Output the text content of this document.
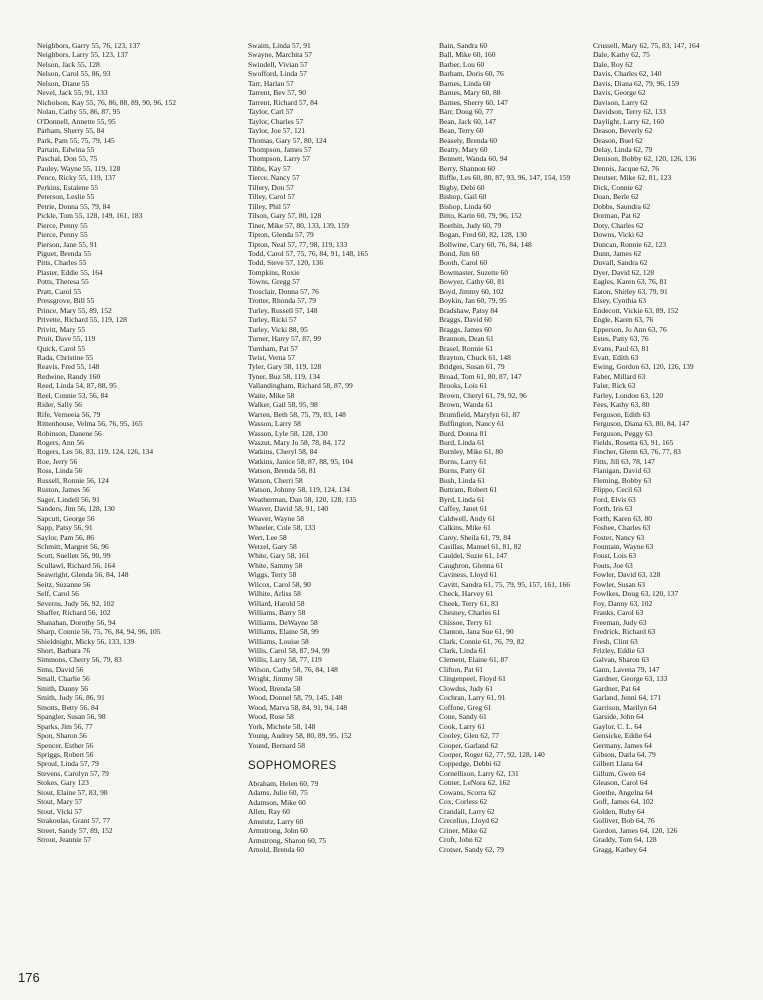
Neighbors, Garry 55, 76, 123, 137
Neighbors, Larry 55, 123, 137
Nelson, Jack 55, 128
Nelson, Carol 55, 86, 93
Nelson, Diane 55
Nevel, Jack 55, 91, 133
Nicholson, Kay 55, 76, 86, 88, 89, 90, 96, 152
Nolan, Cathy 55, 86, 87, 95
O'Donnell, Annette 55, 95
Parham, Sherry 55, 84
Park, Pam 55, 75, 79, 145
Partain, Edwina 55
Paschal, Don 55, 75
Pauley, Wayne 55, 119, 128
Pence, Ricky 55, 119, 137
Perkins, Estalene 55
Peterson, Leslie 55
Petrie, Donna 55, 79, 84
Pickle, Tom 55, 128, 149, 161, 183
Pierce, Penny 55
Pierce, Penny 55
Pierson, Jane 55, 91
Piguet, Brenda 55
Pitts, Charles 55
Plaster, Eddie 55, 164
Potts, Theresa 55
Pratt, Carol 55
Pressgrove, Bill 55
Prince, Mary 55, 89, 152
Privette, Richard 55, 119, 128
Privitt, Mary 55
Pruit, Dave 55, 119
Quick, Carol 55
Rada, Christine 55
Reavis, Fred 55, 148
Redwine, Randy 160
Reed, Linda 54, 87, 88, 95
Reel, Connie 53, 56, 84
Rider, Sally 56
Rife, Verneeia 56, 79
Rittenhouse, Velma 56, 76, 95, 165
Robinson, Danene 56
Rogers, Ann 56
Rogers, Les 56, 83, 119, 124, 126, 134
Roe, Jerry 56
Ross, Linda 56
Russell, Ronnie 56, 124
Ruston, James 56
Sager, Lindell 56, 91
Sanders, Jim 56, 128, 130
Sapcutt, George 56
Sapp, Patsy 56, 91
Saylor, Pam 56, 86
Schmitt, Margret 56, 96
Scott, Suellen 56, 90, 99
Scullawl, Richard 56, 164
Seawright, Glenda 56, 84, 148
Seitz, Suzanne 56
Self, Carol 56
Severns, Judy 56, 92, 102
Shaffer, Richard 56, 102
Shanahan, Dorothy 56, 94
Sharp, Connie 56, 75, 76, 84, 94, 96, 105
Shieldnight, Micky 56, 133, 139
Short, Barbara 76
Simmons, Cherry 56, 79, 83
Sims, David 56
Small, Charlie 56
Smith, Danny 56
Smith, Judy 56, 86, 91
Smotts, Betty 56, 84
Spangler, Susan 56, 98
Sparks, Jim 56, 77
Spon, Sharon 56
Spencer, Esther 56
Spriggs, Robert 56
Sproul, Linda 57, 79
Stevens, Carolyn 57, 79
Stokes, Gary 123
Stout, Elaine 57, 83, 98
Stout, Mary 57
Stout, Vicki 57
Strakoulas, Grant 57, 77
Street, Sandy 57, 89, 152
Strout, Jeannie 57
Swaim, Linda 57, 91
Swayne, Marchita 57
Swindell, Vivian 57
Swofford, Linda 57
Tarr, Harlan 57
Tarrent, Bev 57, 90
Tarrent, Richard 57, 84
Taylor, Carl 57
Taylor, Charles 57
Taylor, Joe 57, 121
Thomas, Gary 57, 80, 124
Thompson, James 57
Thompson, Larry 57
Tibbs, Kay 57
Tierce, Nancy 57
Tillery, Don 57
Tilley, Carol 57
Tilley, Phil 57
Tilson, Gary 57, 80, 128
Tiner, Mike 57, 80, 133, 139, 159
Tipton, Glenda 57, 79
Tipton, Neal 57, 77, 98, 119, 133
Todd, Carol 57, 75, 76, 84, 91, 148, 165
Todd, Steve 57, 120, 136
Tompkins, Roxie
Towns, Gregg 57
Trosclair, Donna 57, 76
Trotter, Rhonda 57, 79
Turley, Russell 57, 148
Turley, Ricki 57
Turley, Vicki 88, 95
Turner, Harry 57, 87, 99
Turnham, Pat 57
Twist, Verna 57
Tyler, Gary 58, 119, 128
Tyner, Buz 58, 119, 134
Vallandingham, Richard 58, 87, 99
Waite, Mike 58
Walker, Gail 58, 95, 98
Warren, Beth 58, 75, 79, 83, 148
Wasson, Larry 58
Wasson, Lyle 58, 128, 130
Waszut, Mary Jo 58, 78, 84, 172
Watkins, Cheryl 58, 84
Watkins, Janice 58, 87, 88, 95, 104
Watson, Brenda 58, 81
Watson, Cherri 58
Watson, Johnny 58, 119, 124, 134
Weatherman, Dan 58, 120, 128, 135
Weaver, David 58, 91, 140
Weaver, Wayne 58
Wheeler, Cole 58, 133
Wert, Lee 58
Wetzel, Gary 58
White, Gary 58, 161
White, Sammy 58
Wiggs, Terry 58
Wilcox, Carol 58, 90
Wilhite, Arliss 58
Willard, Harold 58
Williams, Barry 58
Williams, DeWayne 58
Williams, Elaine 58, 99
Williams, Louise 58
Willis, Carol 58, 87, 94, 99
Willis, Larry 58, 77, 119
Wilson, Cathy 58, 76, 84, 148
Wright, Jimmy 58
Wood, Brenda 58
Wood, Donnel 58, 79, 145, 148
Wood, Marva 58, 84, 91, 94, 148
Wood, Rose 58
York, Michele 58, 148
Young, Audrey 58, 80, 89, 95, 152
Yound, Bernard 58
SOPHOMORES
Abraham, Helen 60, 79
Adams, Julie 60, 75
Adamson, Mike 60
Allen, Ray 60
Amstutz, Larry 60
Armstrong, John 60
Armstrong, Sharon 60, 75
Arnold, Brenda 60
Bain, Sandra 60
Ball, Mike 60, 160
Barber, Lou 60
Barham, Doris 60, 76
Barnes, Linda 60
Barnes, Mary 60, 88
Barnes, Sherry 60, 147
Barr, Doug 60, 77
Bean, Jack 60, 147
Bean, Terry 60
Beasely, Brenda 60
Beatty, Mary 60
Bennett, Wanda 60, 94
Berry, Shannon 60
Biffle, Les 60, 80, 87, 93, 96, 147, 154, 159
Bigby, Debi 60
Bishop, Gail 60
Bishop, Linda 60
Bitto, Karin 60, 79, 96, 152
Boethin, Judy 60, 79
Bogan, Fred 60, 82, 128, 130
Bollwine, Cary 60, 76, 84, 148
Bond, Jim 60
Booth, Carol 60
Bowmaster, Suzette 60
Bowyer, Cathy 60, 81
Boyd, Jimmy 60, 102
Boykin, Jan 60, 79, 95
Bradshaw, Patsy 84
Braggs, David 60
Braggs, James 60
Brannon, Dean 61
Brasel, Ronnie 61
Brayton, Chuck 61, 148
Bridges, Susan 61, 79
Broad, Tom 61, 80, 87, 147
Brooks, Lois 61
Brown, Cheryl 61, 79, 92, 96
Brown, Wanda 61
Brumfield, Marylyn 61, 87
Buffington, Nancy 61
Burd, Donna 81
Burd, Linda 61
Burnley, Mike 61, 80
Burns, Larry 61
Burns, Patty 61
Bush, Linda 61
Buttram, Robert 61
Byrd, Linda 61
Caffey, Janet 61
Caldwell, Andy 61
Calkins, Mike 61
Carey, Sheila 61, 79, 84
Casillas, Manuel 61, 81, 82
Cauldel, Suzie 61, 147
Caughron, Glenna 61
Caviness, Lloyd 61
Cavitt, Sandra 61, 75, 79, 95, 157, 161, 166
Check, Harvey 61
Cheek, Terry 61, 83
Chesney, Charles 61
Chissoe, Terry 61
Clanton, Jana Sue 61, 90
Clark, Connie 61, 76, 79, 82
Clark, Linda 61
Clement, Elaine 61, 87
Clifton, Pat 61
Clingenpeel, Floyd 61
Clowdus, Judy 61
Cochran, Larry 61, 91
Coffone, Greg 61
Cone, Sandy 61
Cook, Larry 61
Cooley, Glen 62, 77
Cooper, Garland 62
Cooper, Roger 62, 77, 92, 128, 140
Coppedge, Debbi 62
Cornellison, Larry 62, 131
Cotner, LeNora 62, 162
Cowans, Scorra 62
Cox, Corless 62
Crandall, Larry 62
Crecelius, Lloyd 62
Criner, Mike 62
Croft, John 62
Crotser, Sandy 62, 79
Crussell, Mary 62, 75, 83, 147, 164
Dale, Kathy 62, 75
Dale, Roy 62
Davis, Charles 62, 140
Davis, Diana 62, 79, 96, 159
Davis, George 62
Davison, Larry 62
Davidson, Terry 62, 133
Daylight, Larry 62, 160
Deason, Beverly 62
Deason, Buel 62
Delay, Linda 62, 79
Denison, Bobby 62, 120, 126, 136
Dennis, Jacque 62, 76
Deutser, Mike 62, 81, 123
Dick, Connie 62
Doan, Berle 62
Dobbs, Saundra 62
Dorman, Pat 62
Doty, Charles 62
Downs, Vicki 62
Duncan, Ronnie 62, 123
Dunn, James 62
Duvall, Sandra 62
Dyer, David 62, 128
Eagles, Karen 63, 76, 81
Eaton, Shirley 63, 79, 91
Elsey, Cynthia 63
Endecott, Vickie 63, 89, 152
Engle, Karen 63, 76
Epperson, Jo Ann 63, 76
Estes, Patty 63, 76
Evans, Paul 63, 81
Evatt, Edith 63
Ewing, Gordon 63, 120, 126, 139
Faber, Millard 63
Faler, Rick 63
Farley, London 63, 120
Fees, Kathy 63, 80
Ferguson, Edith 63
Ferguson, Diana 63, 80, 84, 147
Ferguson, Peggy 63
Fields, Rosetta 63, 91, 165
Fincher, Glenn 63, 76, 77, 83
Fitts, Jill 63, 78, 147
Flanigan, David 63
Fleming, Bobby 63
Flippo, Cecil 63
Ford, Elvis 63
Forth, Iris 63
Forth, Karen 63, 80
Foshee, Charles 63
Foster, Nancy 63
Fountain, Wayne 63
Foust, Lois 63
Fouts, Joe 63
Fowler, David 63, 128
Fowler, Susan 63
Fowlkes, Doug 63, 120, 137
Foy, Danny 63, 102
Franks, Carol 63
Freeman, Judy 63
Fredrick, Richard 63
Fresh, Clint 63
Frizley, Eddie 63
Galvan, Sharon 63
Gann, Lavena 79, 147
Gardner, George 63, 133
Gardner, Pat 64
Garland, Jenni 64, 171
Garrison, Marilyn 64
Garside, John 64
Gaylor, C. L. 64
Gensicke, Eddie 64
Germany, James 64
Gibson, Darla 64, 79
Gilbert Llana 64
Gillum, Gwen 64
Gleason, Carol 64
Goethe, Angelna 64
Goff, James 64, 102
Golden, Ruby 64
Golliver, Bob 64, 76
Gordon, James 64, 120, 126
Graddy, Tom 64, 128
Gragg, Kathey 64
176
